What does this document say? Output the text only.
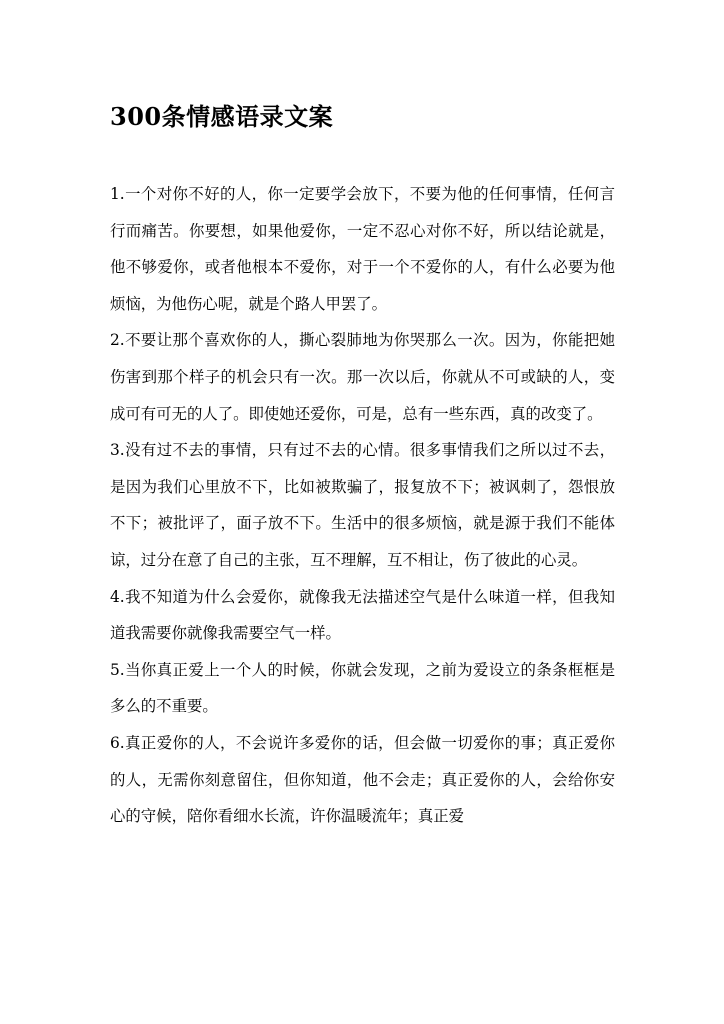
300条情感语录文案

1.一个对你不好的人，你一定要学会放下，不要为他的任何事情，任何言行而痛苦。你要想，如果他爱你，一定不忍心对你不好，所以结论就是，他不够爱你，或者他根本不爱你，对于一个不爱你的人，有什么必要为他烦恼，为他伤心呢，就是个路人甲罢了。

2.不要让那个喜欢你的人，撕心裂肺地为你哭那么一次。因为，你能把她伤害到那个样子的机会只有一次。那一次以后，你就从不可或缺的人，变成可有可无的人了。即使她还爱你，可是，总有一些东西，真的改变了。

3.没有过不去的事情，只有过不去的心情。很多事情我们之所以过不去，是因为我们心里放不下，比如被欺骗了，报复放不下；被讽刺了，怨恨放不下；被批评了，面子放不下。生活中的很多烦恼，就是源于我们不能体谅，过分在意了自己的主张，互不理解，互不相让，伤了彼此的心灵。

4.我不知道为什么会爱你，就像我无法描述空气是什么味道一样，但我知道我需要你就像我需要空气一样。

5.当你真正爱上一个人的时候，你就会发现，之前为爱设立的条条框框是多么的不重要。

6.真正爱你的人，不会说许多爱你的话，但会做一切爱你的事；真正爱你的人，无需你刻意留住，但你知道，他不会走；真正爱你的人，会给你安心的守候，陪你看细水长流，许你温暖流年；真正爱
